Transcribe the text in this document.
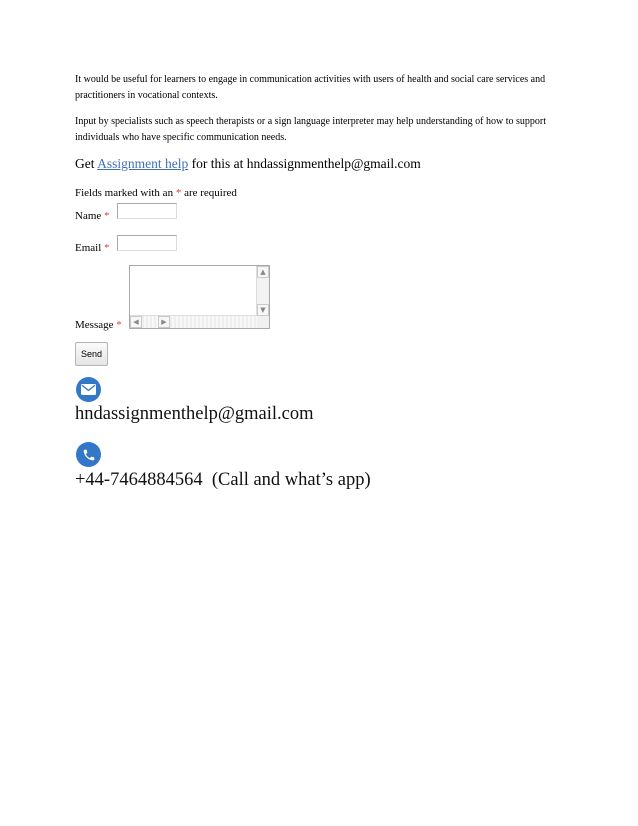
It would be useful for learners to engage in communication activities with users of health and social care services and practitioners in vocational contexts.

Input by specialists such as speech therapists or a sign language interpreter may help understanding of how to support individuals who have specific communication needs.

Get Assignment help for this at hndassignmenthelp@gmail.com
Fields marked with an * are required
Name *
Email *
▲
▼
◀	▶
Message *
Send
hndassignmenthelp@gmail.com
+44-7464884564 (Call and what’s app)
